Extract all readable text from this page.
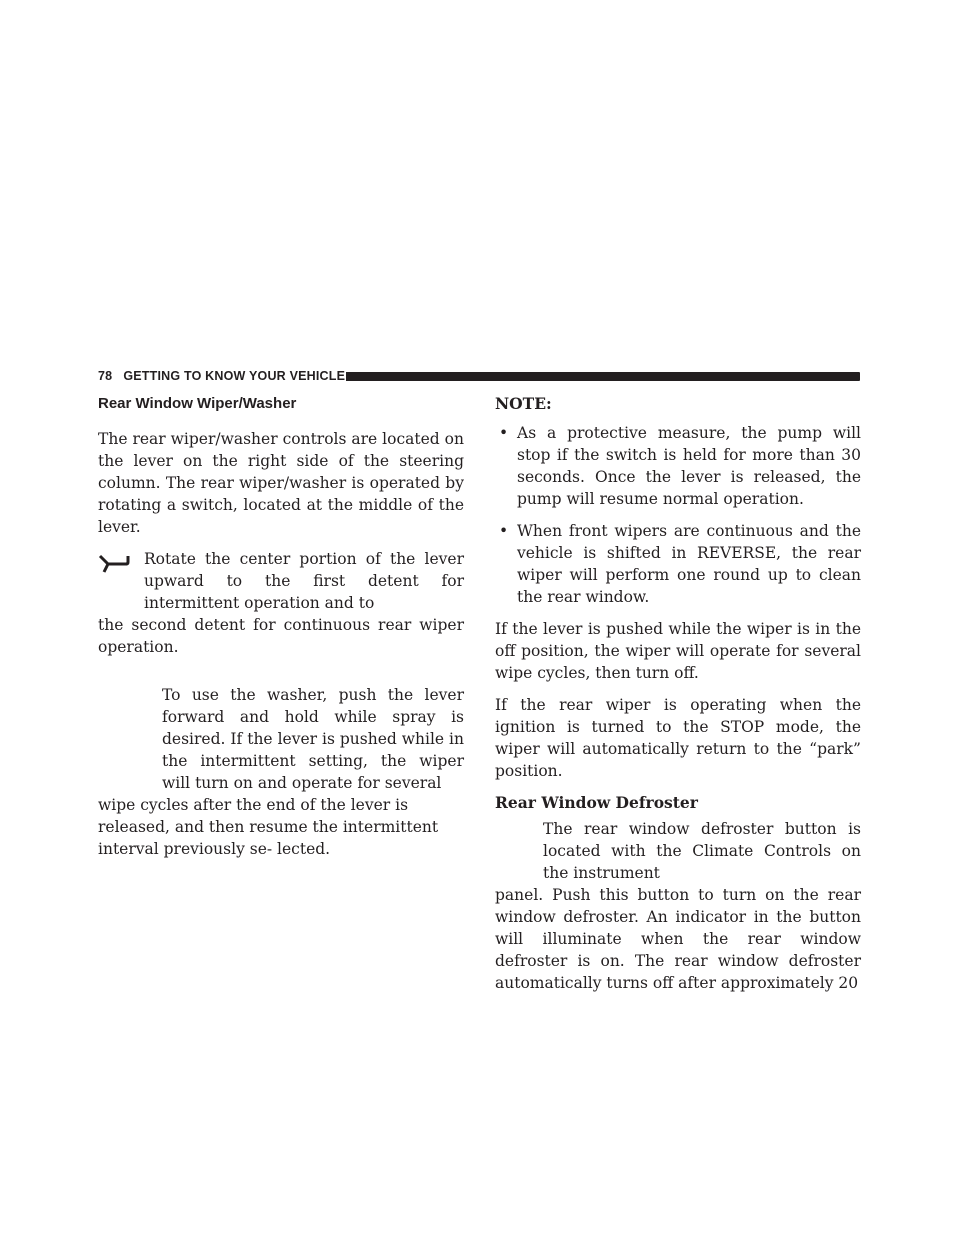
78 GETTING TO KNOW YOUR VEHICLE
Rear Window Wiper/Washer

The rear wiper/washer controls are located on the lever on the right side of the steering column. The rear wiper/washer is operated by rotating a switch, located at the middle of the lever.

Rotate the center portion of the lever upward to the first detent for intermittent operation and to

the second detent for continuous rear wiper operation.

To use the washer, push the lever forward and hold while spray is desired. If the lever is pushed while in the intermittent setting, the wiper will turn on and operate for several

wipe cycles after the end of the lever is released, and then resume the intermittent interval previously se- lected.

NOTE:
• As a protective measure, the pump will stop if the switch is held for more than 30 seconds. Once the lever is released, the pump will resume normal operation.
• When front wipers are continuous and the vehicle is shifted in REVERSE, the rear wiper will perform one round up to clean the rear window.

If the lever is pushed while the wiper is in the off position, the wiper will operate for several wipe cycles, then turn off.

If the rear wiper is operating when the ignition is turned to the STOP mode, the wiper will automatically return to the “park” position.

Rear Window Defroster

The rear window defroster button is located with the Climate Controls on the instrument

panel. Push this button to turn on the rear window defroster. An indicator in the button will illuminate when the rear window defroster is on. The rear window defroster automatically turns off after approximately 20
